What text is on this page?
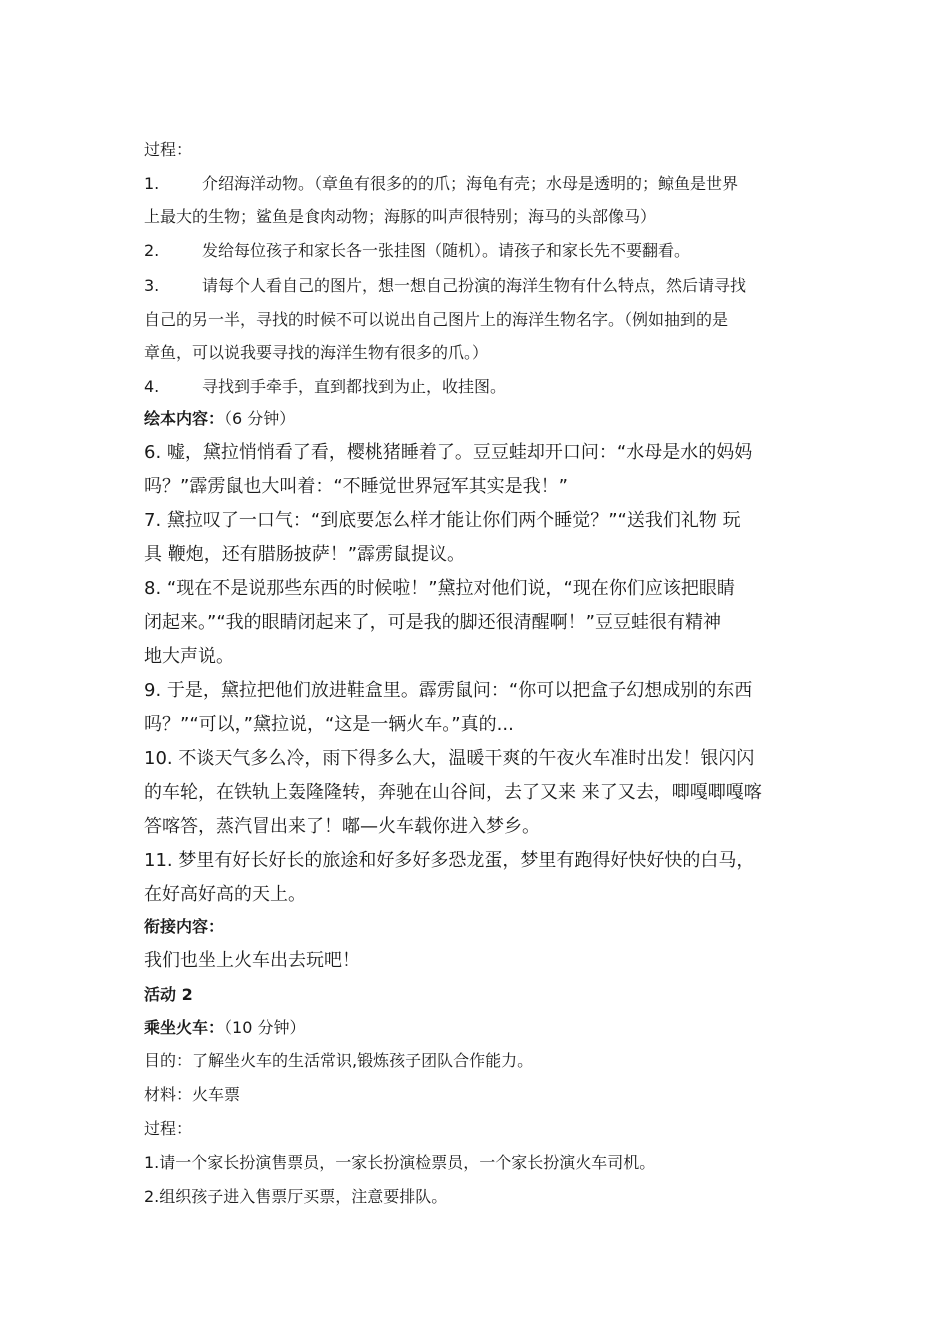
过程：
1.	介绍海洋动物。（章鱼有很多的的爪；海龟有壳；水母是透明的；鲸鱼是世界
上最大的生物；鲨鱼是食肉动物；海豚的叫声很特别；海马的头部像马）
2.	发给每位孩子和家长各一张挂图（随机）。请孩子和家长先不要翻看。
3.	请每个人看自己的图片，想一想自己扮演的海洋生物有什么特点，然后请寻找
自己的另一半，寻找的时候不可以说出自己图片上的海洋生物名字。（例如抽到的是
章鱼，可以说我要寻找的海洋生物有很多的爪。）
4.	寻找到手牵手，直到都找到为止，收挂图。
绘本内容：（6 分钟）
6. 嘘，黛拉悄悄看了看，樱桃猪睡着了。豆豆蛙却开口问：“水母是水的妈妈
吗？”霹雳鼠也大叫着：“不睡觉世界冠军其实是我！”
7. 黛拉叹了一口气：“到底要怎么样才能让你们两个睡觉？”“送我们礼物 玩
具 鞭炮，还有腊肠披萨！”霹雳鼠提议。
8. “现在不是说那些东西的时候啦！”黛拉对他们说，“现在你们应该把眼睛
闭起来。”“我的眼睛闭起来了，可是我的脚还很清醒啊！”豆豆蛙很有精神
地大声说。
9. 于是，黛拉把他们放进鞋盒里。霹雳鼠问：“你可以把盒子幻想成别的东西
吗？”“可以，”黛拉说，“这是一辆火车。”真的...
10. 不谈天气多么冷，雨下得多么大，温暖干爽的午夜火车准时出发！银闪闪
的车轮，在铁轨上轰隆隆转，奔驰在山谷间，去了又来 来了又去，唧嘎唧嘎喀
答喀答，蒸汽冒出来了！嘟—火车载你进入梦乡。
11. 梦里有好长好长的旅途和好多好多恐龙蛋，梦里有跑得好快好快的白马，
在好高好高的天上。
衔接内容：
我们也坐上火车出去玩吧！
活动 2
乘坐火车：（10 分钟）
目的：了解坐火车的生活常识,锻炼孩子团队合作能力。
材料：火车票
过程：
1.请一个家长扮演售票员，一家长扮演检票员，一个家长扮演火车司机。
2.组织孩子进入售票厅买票，注意要排队。
